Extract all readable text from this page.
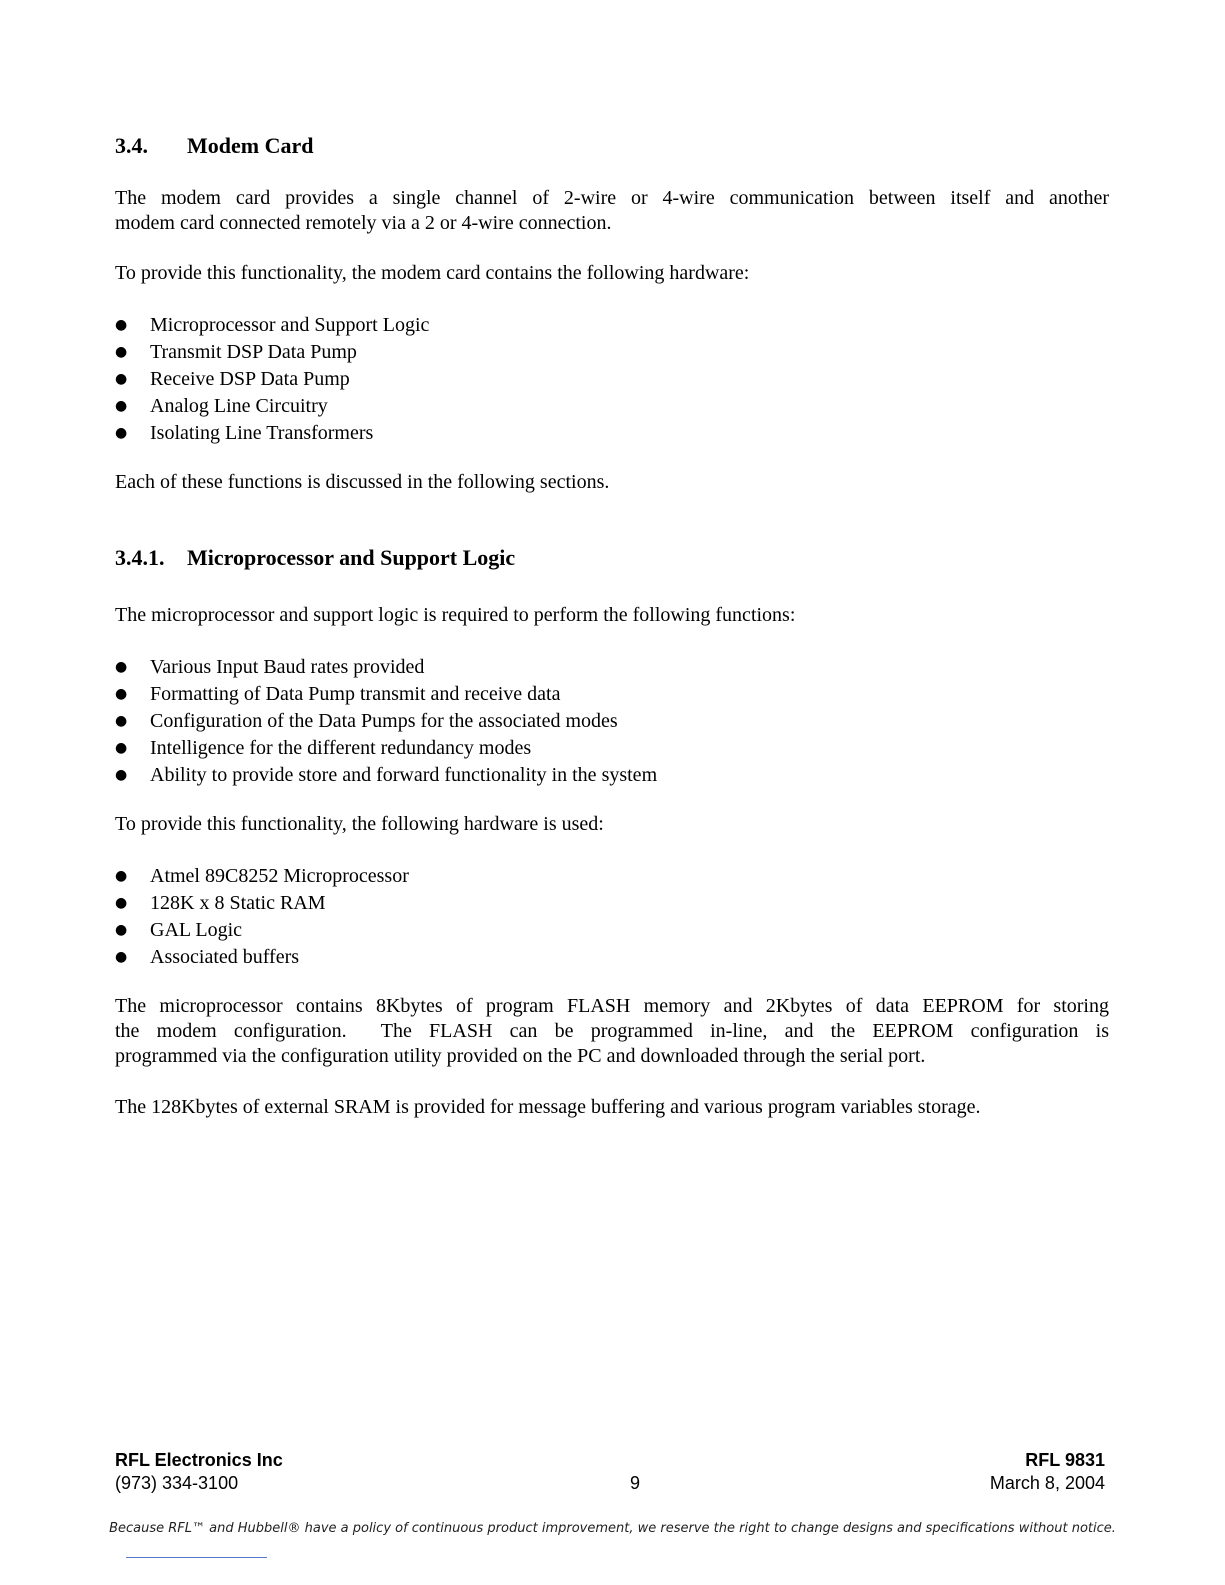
3.4. Modem Card

The modem card provides a single channel of 2-wire or 4-wire communication between itself and another
modem card connected remotely via a 2 or 4-wire connection.

To provide this functionality, the modem card contains the following hardware:

● Microprocessor and Support Logic
● Transmit DSP Data Pump
● Receive DSP Data Pump
● Analog Line Circuitry
● Isolating Line Transformers

Each of these functions is discussed in the following sections.

3.4.1. Microprocessor and Support Logic

The microprocessor and support logic is required to perform the following functions:

● Various Input Baud rates provided
● Formatting of Data Pump transmit and receive data
● Configuration of the Data Pumps for the associated modes
● Intelligence for the different redundancy modes
● Ability to provide store and forward functionality in the system

To provide this functionality, the following hardware is used:

● Atmel 89C8252 Microprocessor
● 128K x 8 Static RAM
● GAL Logic
● Associated buffers

The microprocessor contains 8Kbytes of program FLASH memory and 2Kbytes of data EEPROM for storing
the modem configuration.  The FLASH can be programmed in-line, and the EEPROM configuration is
programmed via the configuration utility provided on the PC and downloaded through the serial port.

The 128Kbytes of external SRAM is provided for message buffering and various program variables storage.

RFL Electronics Inc	RFL 9831
(973) 334-3100	9	March 8, 2004
Because RFL™ and Hubbell® have a policy of continuous product improvement, we reserve the right to change designs and specifications without notice.
